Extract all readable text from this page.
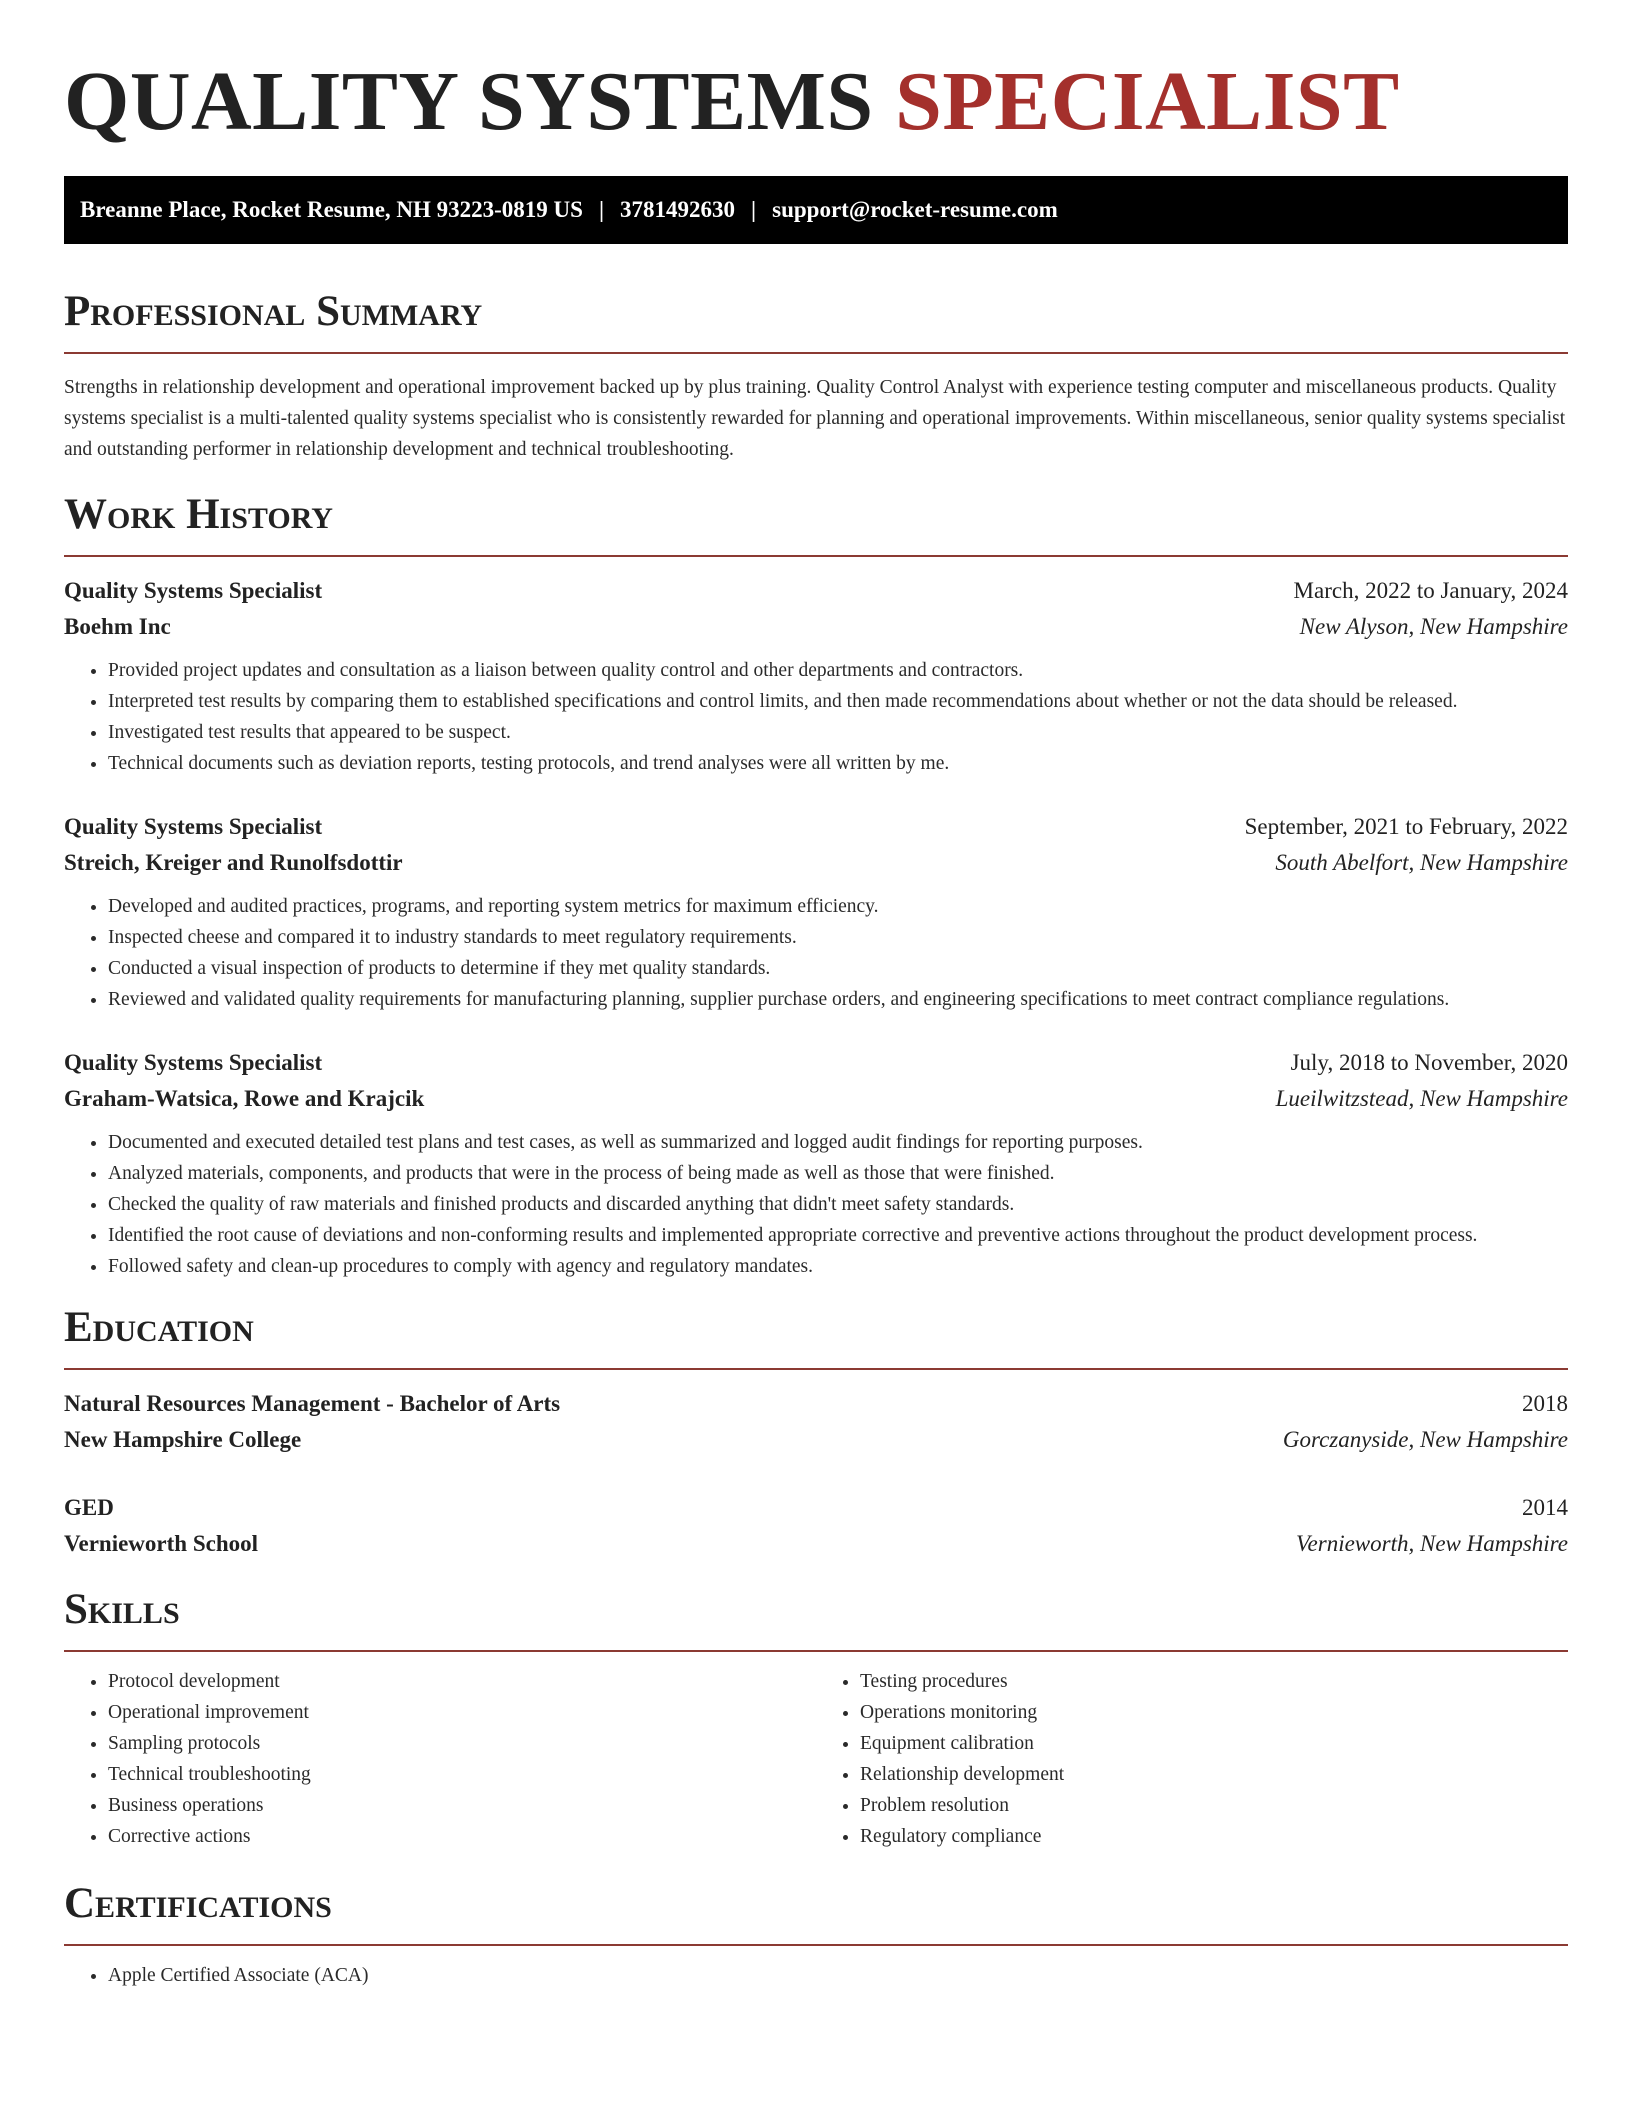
QUALITY SYSTEMS SPECIALIST
Breanne Place, Rocket Resume, NH 93223-0819 US | 3781492630 | support@rocket-resume.com
Professional Summary

Strengths in relationship development and operational improvement backed up by plus training. Quality Control Analyst with experience testing computer and miscellaneous products. Quality systems specialist is a multi-talented quality systems specialist who is consistently rewarded for planning and operational improvements. Within miscellaneous, senior quality systems specialist and outstanding performer in relationship development and technical troubleshooting.

Work History
Quality Systems Specialist	March, 2022 to January, 2024
Boehm Inc	New Alyson, New Hampshire
• Provided project updates and consultation as a liaison between quality control and other departments and contractors.
• Interpreted test results by comparing them to established specifications and control limits, and then made recommendations about whether or not the data should be released.
• Investigated test results that appeared to be suspect.
• Technical documents such as deviation reports, testing protocols, and trend analyses were all written by me.
Quality Systems Specialist	September, 2021 to February, 2022
Streich, Kreiger and Runolfsdottir	South Abelfort, New Hampshire
• Developed and audited practices, programs, and reporting system metrics for maximum efficiency.
• Inspected cheese and compared it to industry standards to meet regulatory requirements.
• Conducted a visual inspection of products to determine if they met quality standards.
• Reviewed and validated quality requirements for manufacturing planning, supplier purchase orders, and engineering specifications to meet contract compliance regulations.
Quality Systems Specialist	July, 2018 to November, 2020
Graham-Watsica, Rowe and Krajcik	Lueilwitzstead, New Hampshire
• Documented and executed detailed test plans and test cases, as well as summarized and logged audit findings for reporting purposes.
• Analyzed materials, components, and products that were in the process of being made as well as those that were finished.
• Checked the quality of raw materials and finished products and discarded anything that didn't meet safety standards.
• Identified the root cause of deviations and non-conforming results and implemented appropriate corrective and preventive actions throughout the product development process.
• Followed safety and clean-up procedures to comply with agency and regulatory mandates.
Education
Natural Resources Management - Bachelor of Arts	2018
New Hampshire College	Gorczanyside, New Hampshire
GED	2014
Vernieworth School	Vernieworth, New Hampshire
Skills
• Protocol development
• Operational improvement
• Sampling protocols
• Technical troubleshooting
• Business operations
• Corrective actions
• Testing procedures
• Operations monitoring
• Equipment calibration
• Relationship development
• Problem resolution
• Regulatory compliance
Certifications
• Apple Certified Associate (ACA)
